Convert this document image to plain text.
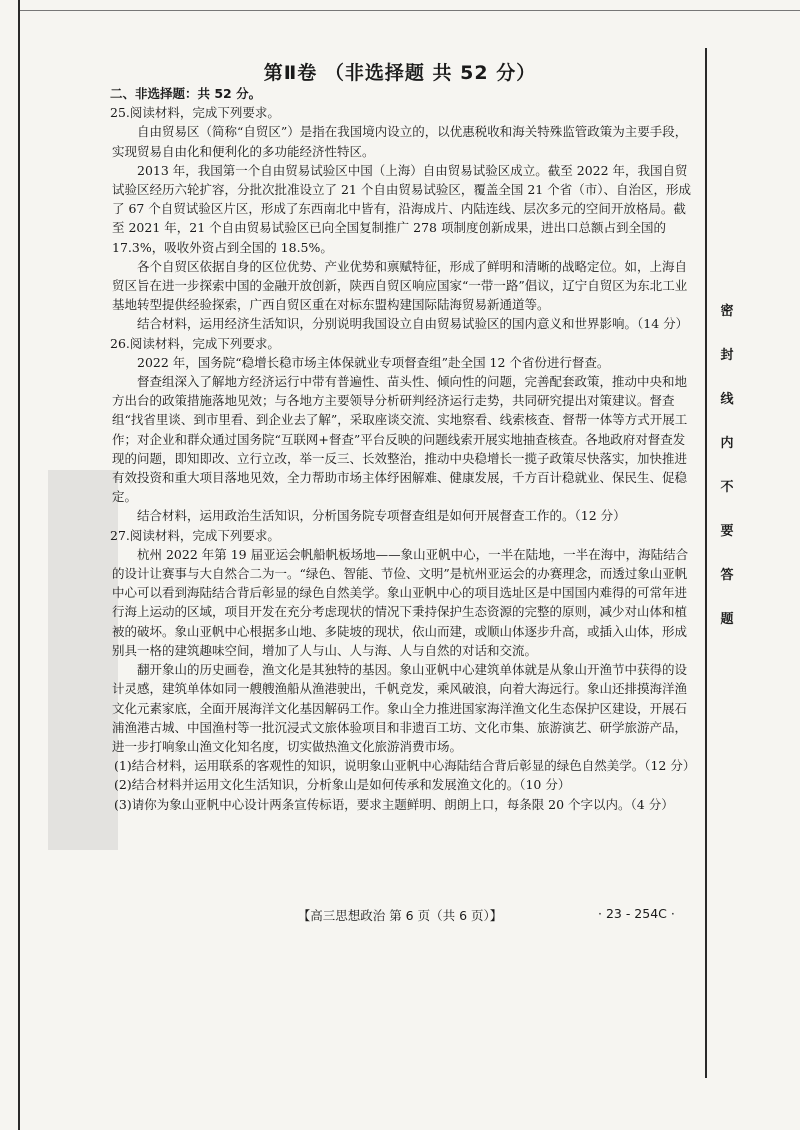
第Ⅱ卷 （非选择题 共 52 分）

二、非选择题：共 52 分。

25.阅读材料，完成下列要求。

自由贸易区（简称“自贸区”）是指在我国境内设立的，以优惠税收和海关特殊监管政策为主要手段，实现贸易自由化和便利化的多功能经济性特区。

2013 年，我国第一个自由贸易试验区中国（上海）自由贸易试验区成立。截至 2022 年，我国自贸试验区经历六轮扩容，分批次批准设立了 21 个自由贸易试验区，覆盖全国 21 个省（市）、自治区，形成了 67 个自贸试验区片区，形成了东西南北中皆有，沿海成片、内陆连线、层次多元的空间开放格局。截至 2021 年，21 个自由贸易试验区已向全国复制推广 278 项制度创新成果，进出口总额占到全国的 17.3%，吸收外资占到全国的 18.5%。

各个自贸区依据自身的区位优势、产业优势和禀赋特征，形成了鲜明和清晰的战略定位。如，上海自贸区旨在进一步探索中国的金融开放创新，陕西自贸区响应国家“一带一路”倡议，辽宁自贸区为东北工业基地转型提供经验探索，广西自贸区重在对标东盟构建国际陆海贸易新通道等。

结合材料，运用经济生活知识，分别说明我国设立自由贸易试验区的国内意义和世界影响。（14 分）

26.阅读材料，完成下列要求。

2022 年，国务院“稳增长稳市场主体保就业专项督查组”赴全国 12 个省份进行督查。

督查组深入了解地方经济运行中带有普遍性、苗头性、倾向性的问题，完善配套政策，推动中央和地方出台的政策措施落地见效；与各地方主要领导分析研判经济运行走势，共同研究提出对策建议。督查组“找省里谈、到市里看、到企业去了解”，采取座谈交流、实地察看、线索核查、督帮一体等方式开展工作；对企业和群众通过国务院“互联网+督查”平台反映的问题线索开展实地抽查核查。各地政府对督查发现的问题，即知即改、立行立改，举一反三、长效整治，推动中央稳增长一揽子政策尽快落实，加快推进有效投资和重大项目落地见效，全力帮助市场主体纾困解难、健康发展，千方百计稳就业、保民生、促稳定。

结合材料，运用政治生活知识，分析国务院专项督查组是如何开展督查工作的。（12 分）

27.阅读材料，完成下列要求。

杭州 2022 年第 19 届亚运会帆船帆板场地——象山亚帆中心，一半在陆地，一半在海中，海陆结合的设计让赛事与大自然合二为一。“绿色、智能、节俭、文明”是杭州亚运会的办赛理念，而透过象山亚帆中心可以看到海陆结合背后彰显的绿色自然美学。象山亚帆中心的项目选址区是中国国内难得的可常年进行海上运动的区域，项目开发在充分考虑现状的情况下秉持保护生态资源的完整的原则，减少对山体和植被的破坏。象山亚帆中心根据多山地、多陡坡的现状，依山而建，或顺山体逐步升高，或插入山体，形成别具一格的建筑趣味空间，增加了人与山、人与海、人与自然的对话和交流。

翻开象山的历史画卷，渔文化是其独特的基因。象山亚帆中心建筑单体就是从象山开渔节中获得的设计灵感，建筑单体如同一艘艘渔船从渔港驶出，千帆竞发，乘风破浪，向着大海远行。象山还排摸海洋渔文化元素家底，全面开展海洋文化基因解码工作。象山全力推进国家海洋渔文化生态保护区建设，开展石浦渔港古城、中国渔村等一批沉浸式文旅体验项目和非遗百工坊、文化市集、旅游演艺、研学旅游产品，进一步打响象山渔文化知名度，切实做热渔文化旅游消费市场。

(1)结合材料，运用联系的客观性的知识，说明象山亚帆中心海陆结合背后彰显的绿色自然美学。（12 分）

(2)结合材料并运用文化生活知识，分析象山是如何传承和发展渔文化的。（10 分）

(3)请你为象山亚帆中心设计两条宣传标语，要求主题鲜明、朗朗上口，每条限 20 个字以内。（4 分）

密
封
线
内
不
要
答
题
【高三思想政治 第 6 页（共 6 页）】	· 23 - 254C ·
